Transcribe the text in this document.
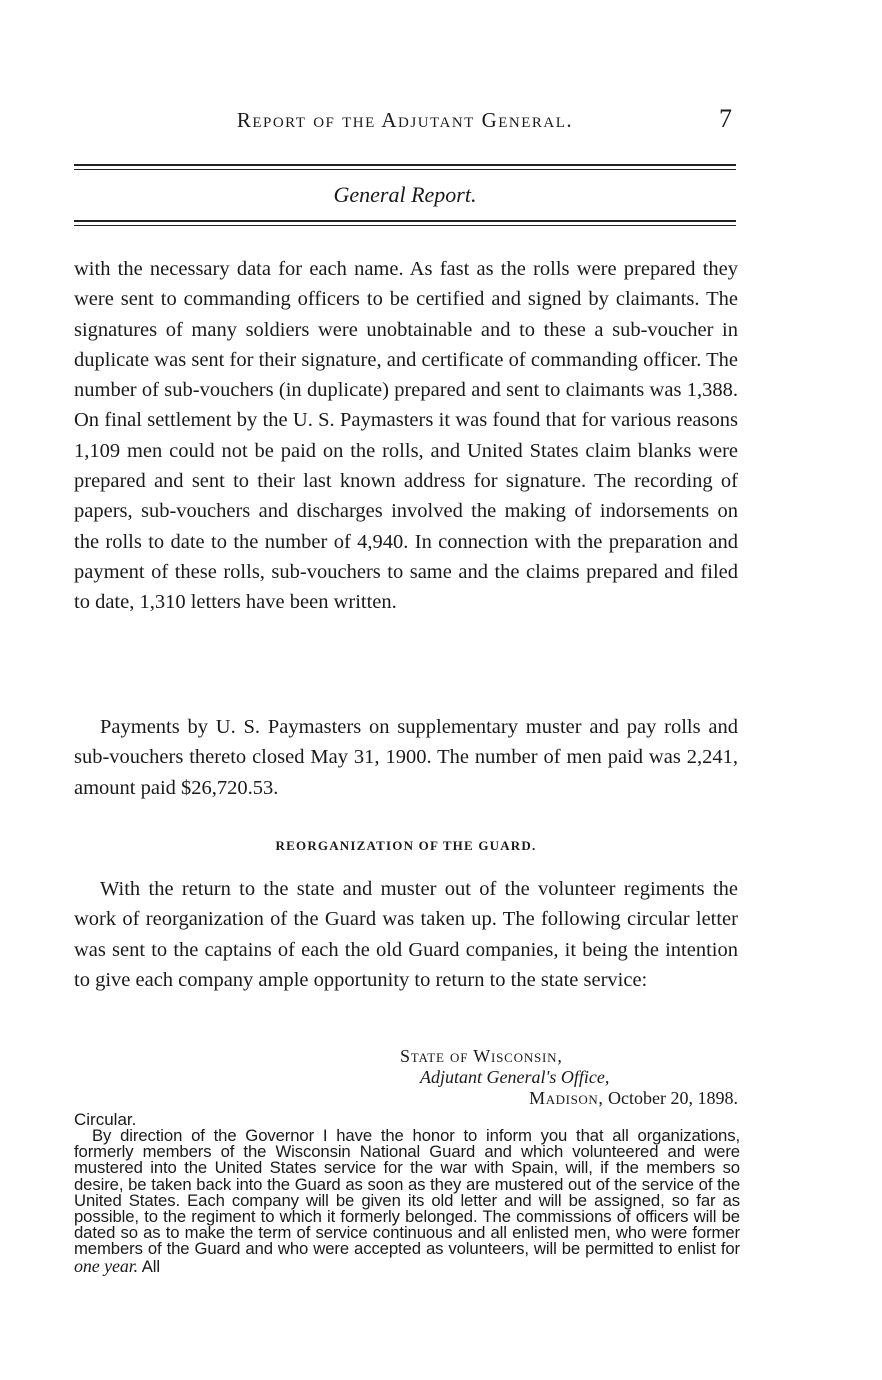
Report of the Adjutant General.	7
General Report.

with the necessary data for each name. As fast as the rolls were prepared they were sent to commanding officers to be certified and signed by claimants. The signatures of many soldiers were unobtainable and to these a sub-voucher in duplicate was sent for their signature, and certificate of commanding officer. The number of sub-vouchers (in duplicate) prepared and sent to claimants was 1,388. On final settlement by the U. S. Paymasters it was found that for various reasons 1,109 men could not be paid on the rolls, and United States claim blanks were prepared and sent to their last known address for signature. The recording of papers, sub-vouchers and discharges involved the making of indorsements on the rolls to date to the number of 4,940. In connection with the preparation and payment of these rolls, sub-vouchers to same and the claims prepared and filed to date, 1,310 letters have been written.

Payments by U. S. Paymasters on supplementary muster and pay rolls and sub-vouchers thereto closed May 31, 1900. The number of men paid was 2,241, amount paid $26,720.53.

REORGANIZATION OF THE GUARD.

With the return to the state and muster out of the volunteer regiments the work of reorganization of the Guard was taken up. The following circular letter was sent to the captains of each the old Guard companies, it being the intention to give each company ample opportunity to return to the state service:

State of Wisconsin,
Adjutant General's Office,
Madison, October 20, 1898.
Circular.

By direction of the Governor I have the honor to inform you that all organizations, formerly members of the Wisconsin National Guard and which volunteered and were mustered into the United States service for the war with Spain, will, if the members so desire, be taken back into the Guard as soon as they are mustered out of the service of the United States. Each company will be given its old letter and will be assigned, so far as possible, to the regiment to which it formerly belonged. The commissions of officers will be dated so as to make the term of service continuous and all enlisted men, who were former members of the Guard and who were accepted as volunteers, will be permitted to enlist for one year. All
